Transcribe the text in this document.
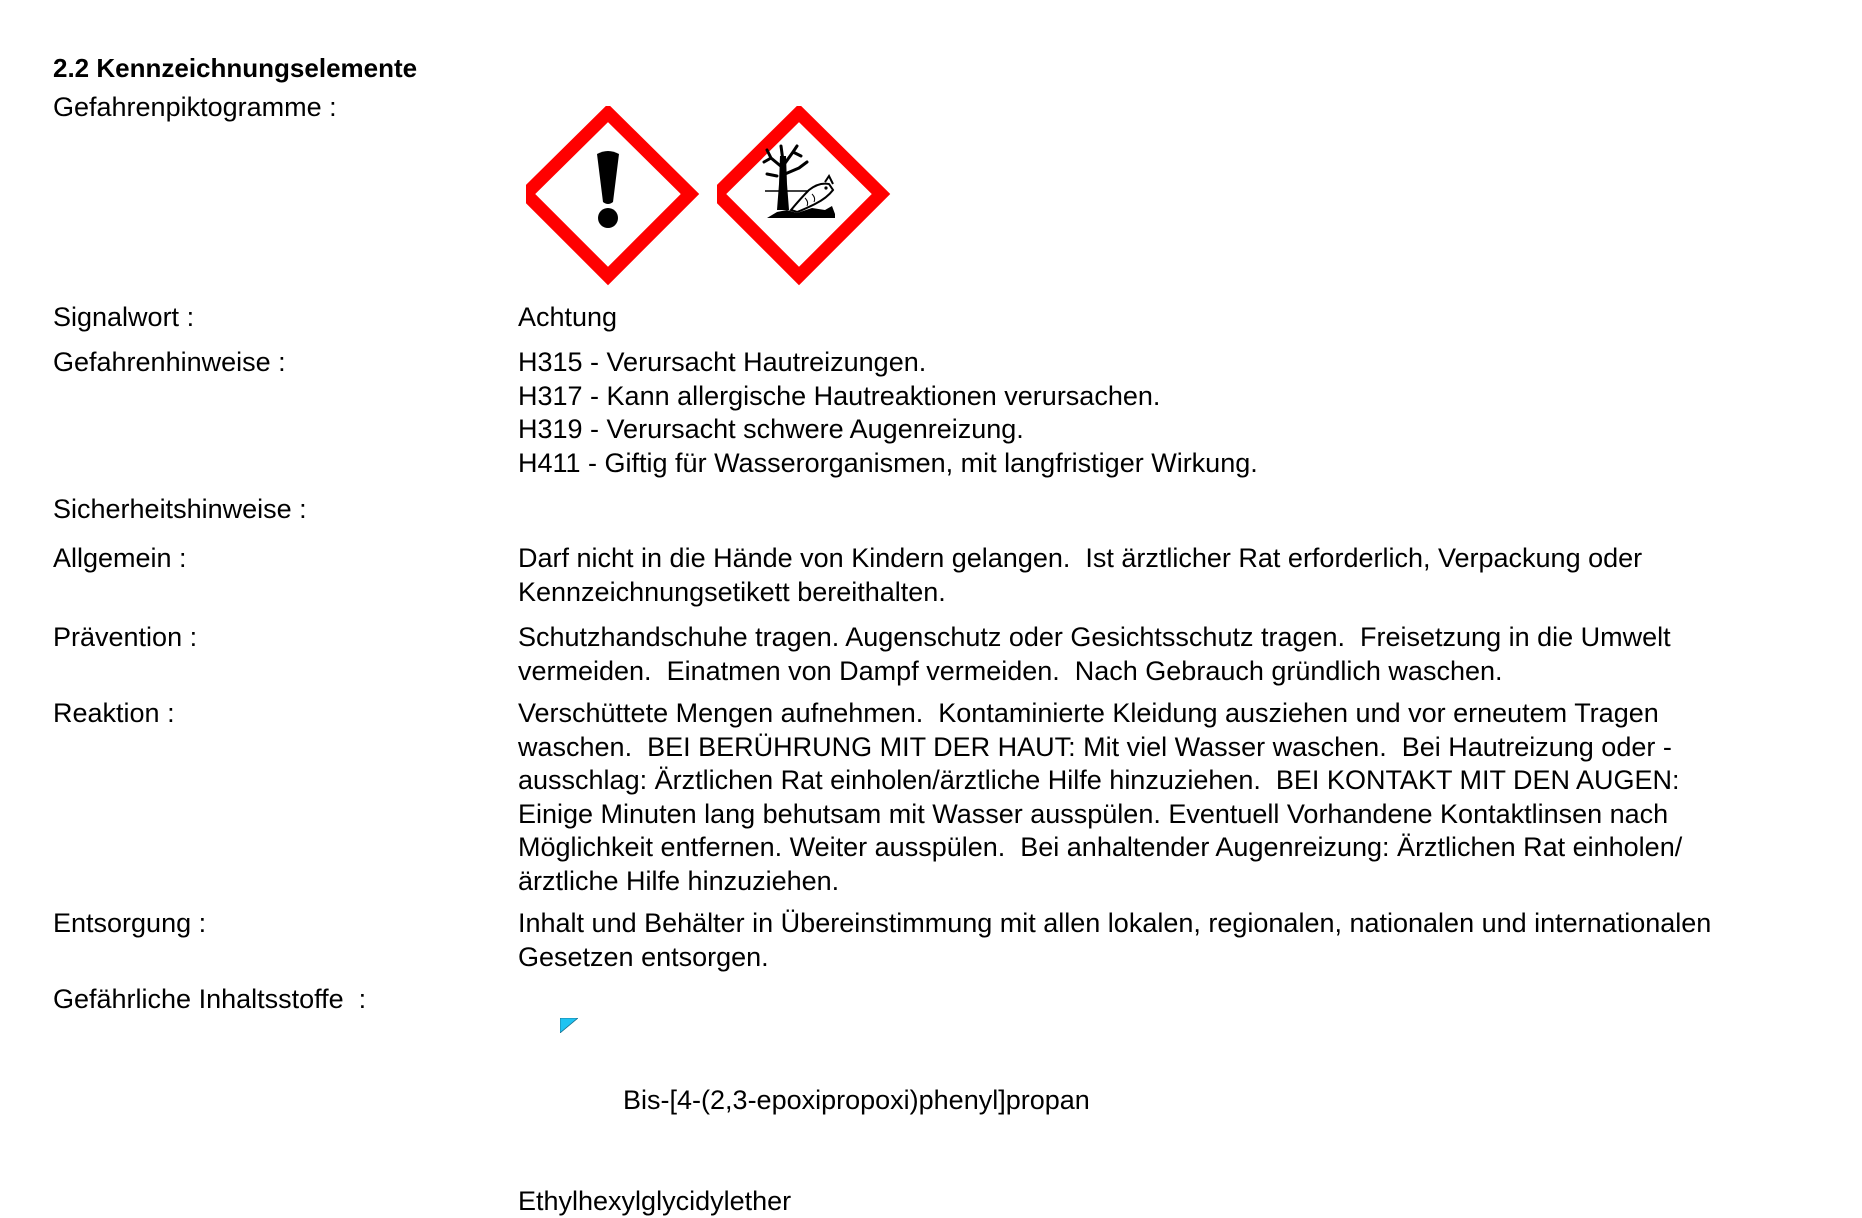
2.2 Kennzeichnungselemente
Gefahrenpiktogramme :
Signalwort :	Achtung
Gefahrenhinweise :	H315 - Verursacht Hautreizungen.
H317 - Kann allergische Hautreaktionen verursachen.
H319 - Verursacht schwere Augenreizung.
H411 - Giftig für Wasserorganismen, mit langfristiger Wirkung.
Sicherheitshinweise :
Allgemein :	Darf nicht in die Hände von Kindern gelangen.  Ist ärztlicher Rat erforderlich, Verpackung oder
Kennzeichnungsetikett bereithalten.
Prävention :	Schutzhandschuhe tragen. Augenschutz oder Gesichtsschutz tragen.  Freisetzung in die Umwelt
vermeiden.  Einatmen von Dampf vermeiden.  Nach Gebrauch gründlich waschen.
Reaktion :	Verschüttete Mengen aufnehmen.  Kontaminierte Kleidung ausziehen und vor erneutem Tragen
waschen.  BEI BERÜHRUNG MIT DER HAUT: Mit viel Wasser waschen.  Bei Hautreizung oder -
ausschlag: Ärztlichen Rat einholen/ärztliche Hilfe hinzuziehen.  BEI KONTAKT MIT DEN AUGEN:
Einige Minuten lang behutsam mit Wasser ausspülen. Eventuell Vorhandene Kontaktlinsen nach
Möglichkeit entfernen. Weiter ausspülen.  Bei anhaltender Augenreizung: Ärztlichen Rat einholen/
ärztliche Hilfe hinzuziehen.
Entsorgung :	Inhalt und Behälter in Übereinstimmung mit allen lokalen, regionalen, nationalen und internationalen
Gesetzen entsorgen.
Gefährliche Inhaltsstoffe  :

Bis-[4-(2,3-epoxipropoxi)phenyl]propan

Ethylhexylglycidylether
